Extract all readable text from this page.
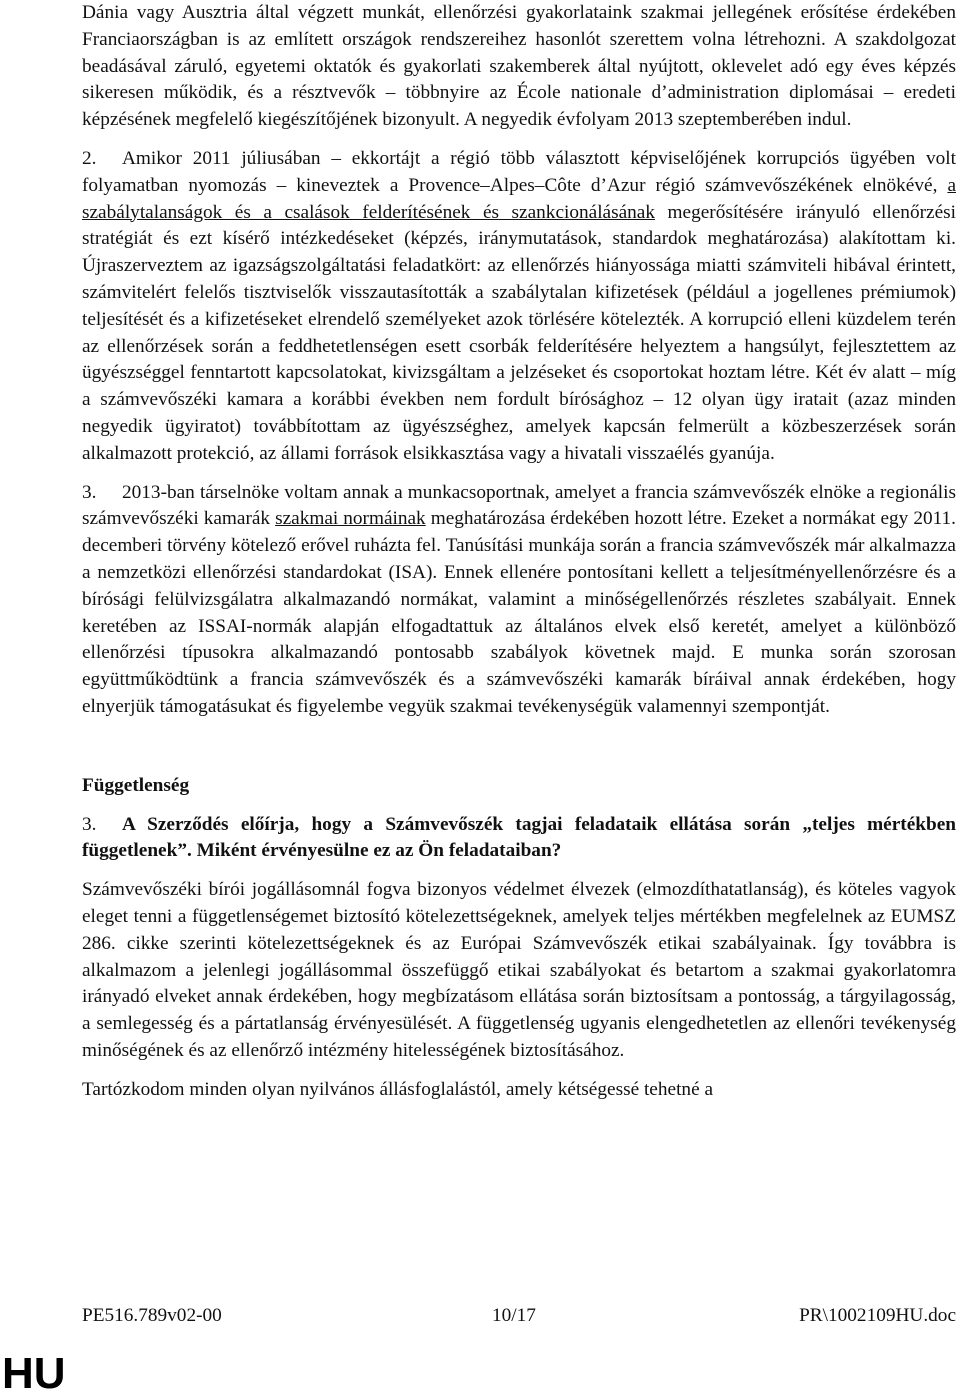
Dánia vagy Ausztria által végzett munkát, ellenőrzési gyakorlataink szakmai jellegének erősítése érdekében Franciaországban is az említett országok rendszereihez hasonlót szerettem volna létrehozni. A szakdolgozat beadásával záruló, egyetemi oktatók és gyakorlati szakemberek által nyújtott, oklevelet adó egy éves képzés sikeresen működik, és a résztvevők – többnyire az École nationale d’administration diplomásai – eredeti képzésének megfelelő kiegészítőjének bizonyult. A negyedik évfolyam 2013 szeptemberében indul.

2. Amikor 2011 júliusában – ekkortájt a régió több választott képviselőjének korrupciós ügyében volt folyamatban nyomozás – kineveztek a Provence–Alpes–Côte d’Azur régió számvevőszékének elnökévé, a szabálytalanságok és a csalások felderítésének és szankcionálásának megerősítésére irányuló ellenőrzési stratégiát és ezt kísérő intézkedéseket (képzés, iránymutatások, standardok meghatározása) alakítottam ki. Újraszerveztem az igazságszolgáltatási feladatkört: az ellenőrzés hiányossága miatti számviteli hibával érintett, számvitelért felelős tisztviselők visszautasították a szabálytalan kifizetések (például a jogellenes prémiumok) teljesítését és a kifizetéseket elrendelő személyeket azok törlésére kötelezték. A korrupció elleni küzdelem terén az ellenőrzések során a feddhetetlenségen esett csorbák felderítésére helyeztem a hangsúlyt, fejlesztettem az ügyészséggel fenntartott kapcsolatokat, kivizsgáltam a jelzéseket és csoportokat hoztam létre. Két év alatt – míg a számvevőszéki kamara a korábbi években nem fordult bírósághoz – 12 olyan ügy iratait (azaz minden negyedik ügyiratot) továbbítottam az ügyészséghez, amelyek kapcsán felmerült a közbeszerzések során alkalmazott protekció, az állami források elsikkasztása vagy a hivatali visszaélés gyanúja.

3. 2013-ban társelnöke voltam annak a munkacsoportnak, amelyet a francia számvevőszék elnöke a regionális számvevőszéki kamarák szakmai normáinak meghatározása érdekében hozott létre. Ezeket a normákat egy 2011. decemberi törvény kötelező erővel ruházta fel. Tanúsítási munkája során a francia számvevőszék már alkalmazza a nemzetközi ellenőrzési standardokat (ISA). Ennek ellenére pontosítani kellett a teljesítményellenőrzésre és a bírósági felülvizsgálatra alkalmazandó normákat, valamint a minőségellenőrzés részletes szabályait. Ennek keretében az ISSAI-normák alapján elfogadtattuk az általános elvek első keretét, amelyet a különböző ellenőrzési típusokra alkalmazandó pontosabb szabályok követnek majd. E munka során szorosan együttműködtünk a francia számvevőszék és a számvevőszéki kamarák bíráival annak érdekében, hogy elnyerjük támogatásukat és figyelembe vegyük szakmai tevékenységük valamennyi szempontját.

Függetlenség

3. A Szerződés előírja, hogy a Számvevőszék tagjai feladataik ellátása során „teljes mértékben függetlenek”. Miként érvényesülne ez az Ön feladataiban?

Számvevőszéki bírói jogállásomnál fogva bizonyos védelmet élvezek (elmozdíthatatlanság), és köteles vagyok eleget tenni a függetlenségemet biztosító kötelezettségeknek, amelyek teljes mértékben megfelelnek az EUMSZ 286. cikke szerinti kötelezettségeknek és az Európai Számvevőszék etikai szabályainak. Így továbbra is alkalmazom a jelenlegi jogállásommal összefüggő etikai szabályokat és betartom a szakmai gyakorlatomra irányadó elveket annak érdekében, hogy megbízatásom ellátása során biztosítsam a pontosság, a tárgyilagosság, a semlegesség és a pártatlanság érvényesülését. A függetlenség ugyanis elengedhetetlen az ellenőri tevékenység minőségének és az ellenőrző intézmény hitelességének biztosításához.

Tartózkodom minden olyan nyilvános állásfoglalástól, amely kétségessé tehetné a

PE516.789v02-00	10/17	PR\1002109HU.doc
HU
